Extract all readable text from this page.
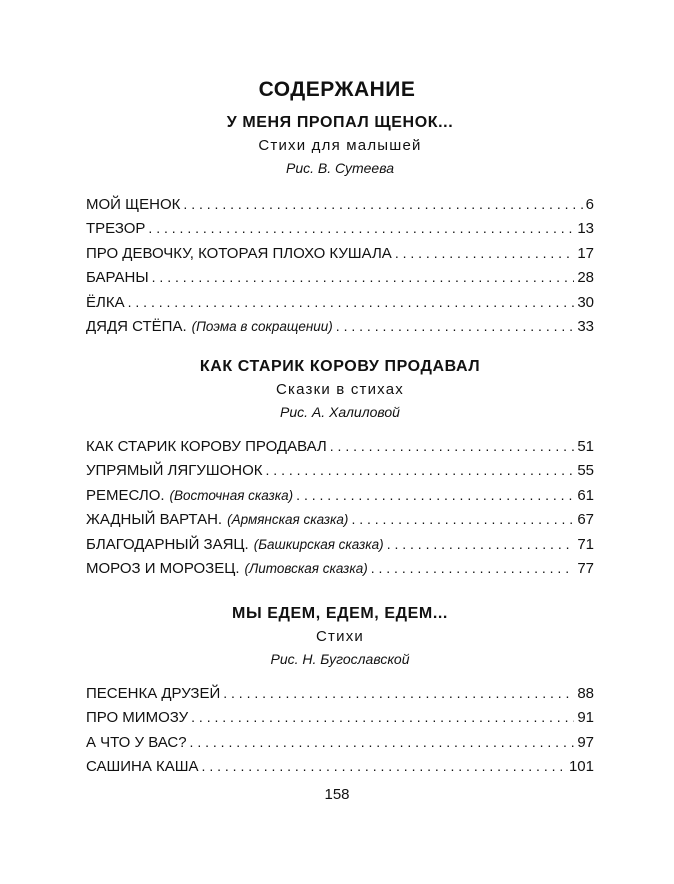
СОДЕРЖАНИЕ
У МЕНЯ ПРОПАЛ ЩЕНОК...
Стихи для малышей
Рис. В. Сутеева
МОЙ ЩЕНОК . . .	6
ТРЕЗОР . . .	13
ПРО ДЕВОЧКУ, КОТОРАЯ ПЛОХО КУШАЛА . . .	17
БАРАНЫ . . .	28
ЁЛКА . . .	30
ДЯДЯ СТЁПА. (Поэма в сокращении) . . .	33
КАК СТАРИК КОРОВУ ПРОДАВАЛ
Сказки в стихах
Рис. А. Халиловой
КАК СТАРИК КОРОВУ ПРОДАВАЛ . . .	51
УПРЯМЫЙ ЛЯГУШОНОК . . .	55
РЕМЕСЛО. (Восточная сказка) . . .	61
ЖАДНЫЙ ВАРТАН. (Армянская сказка) . . .	67
БЛАГОДАРНЫЙ ЗАЯЦ. (Башкирская сказка) . . .	71
МОРОЗ И МОРОЗЕЦ. (Литовская сказка) . . .	77
МЫ ЕДЕМ, ЕДЕМ, ЕДЕМ...
Стихи
Рис. Н. Бугославской
ПЕСЕНКА ДРУЗЕЙ . . .	88
ПРО МИМОЗУ . . .	91
А ЧТО У ВАС? . . .	97
САШИНА КАША . . .	101
158
